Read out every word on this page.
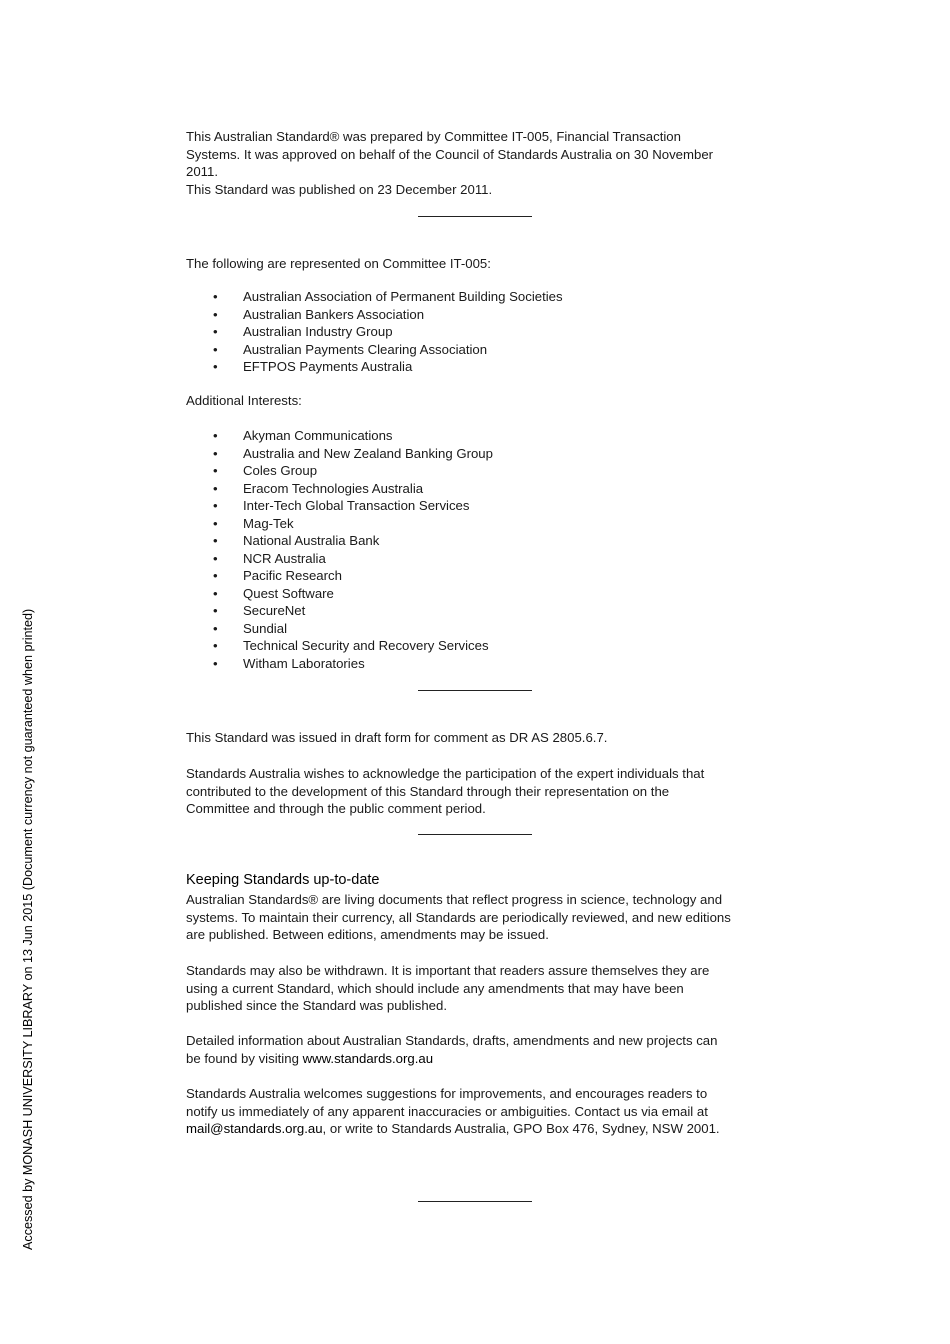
This Australian Standard® was prepared by Committee IT-005, Financial Transaction

Systems. It was approved on behalf of the Council of Standards Australia on 30 November

2011.

This Standard was published on 23 December 2011.

The following are represented on Committee IT-005:

• Australian Association of Permanent Building Societies
• Australian Bankers Association
• Australian Industry Group
• Australian Payments Clearing Association
• EFTPOS Payments Australia

Additional Interests:

• Akyman Communications
• Australia and New Zealand Banking Group
• Coles Group
• Eracom Technologies Australia
• Inter-Tech Global Transaction Services
• Mag-Tek
• National Australia Bank
• NCR Australia
• Pacific Research
• Quest Software
• SecureNet
• Sundial
• Technical Security and Recovery Services
• Witham Laboratories

This Standard was issued in draft form for comment as DR AS 2805.6.7.

Standards Australia wishes to acknowledge the participation of the expert individuals that

contributed to the development of this Standard through their representation on the

Committee and through the public comment period.

Keeping Standards up-to-date

Australian Standards® are living documents that reflect progress in science, technology and

systems. To maintain their currency, all Standards are periodically reviewed, and new editions

are published. Between editions, amendments may be issued.

Standards may also be withdrawn. It is important that readers assure themselves they are

using a current Standard, which should include any amendments that may have been

published since the Standard was published.

Detailed information about Australian Standards, drafts, amendments and new projects can

be found by visiting www.standards.org.au

Standards Australia welcomes suggestions for improvements, and encourages readers to

notify us immediately of any apparent inaccuracies or ambiguities. Contact us via email at

mail@standards.org.au, or write to Standards Australia, GPO Box 476, Sydney, NSW 2001.

Accessed by MONASH UNIVERSITY LIBRARY on 13 Jun 2015 (Document currency not guaranteed when printed)
